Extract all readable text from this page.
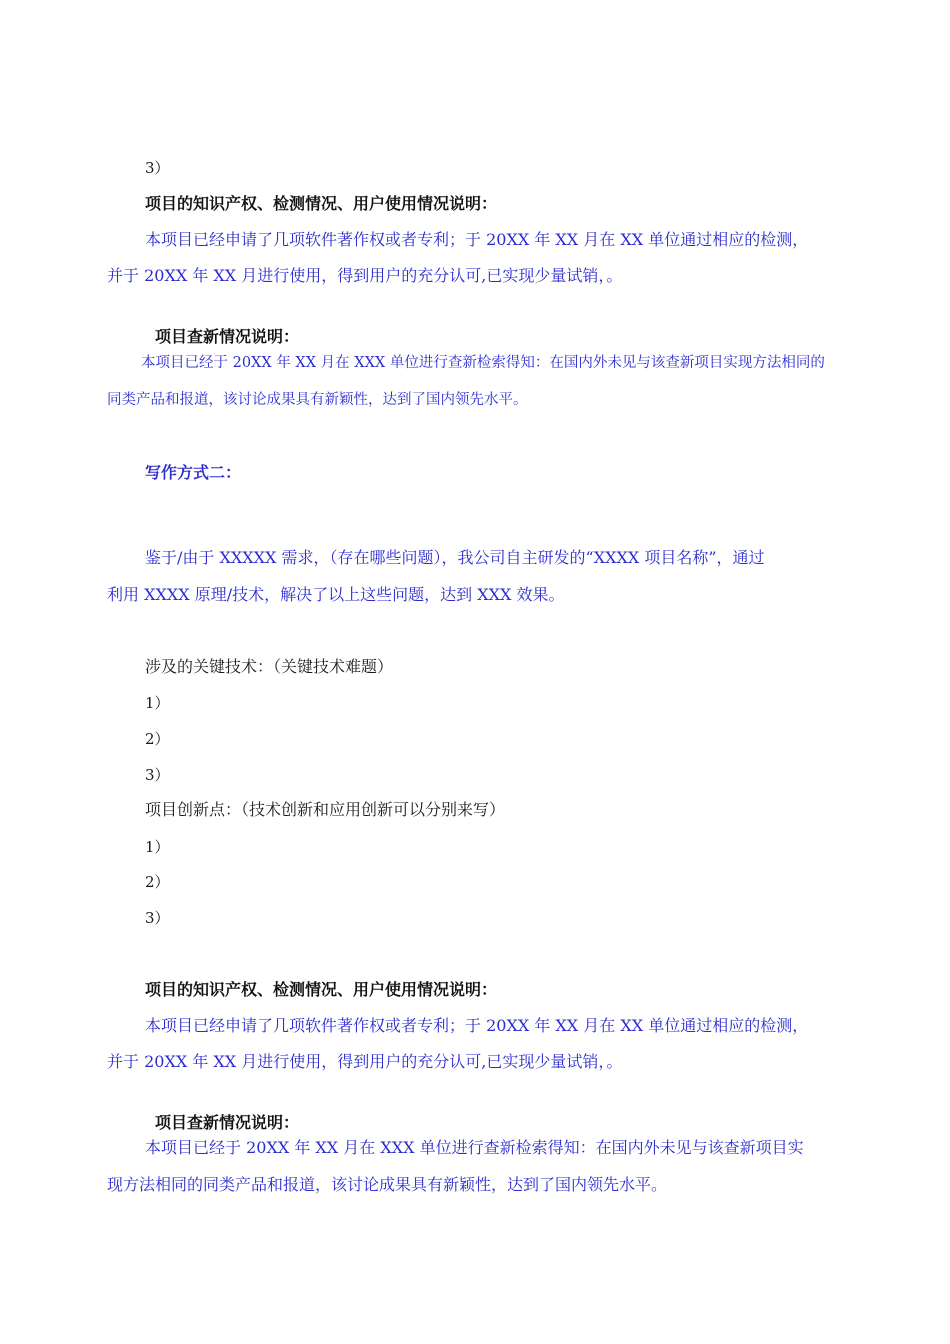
3）
项目的知识产权、检测情况、用户使用情况说明：
本项目已经申请了几项软件著作权或者专利；于 20XX 年 XX 月在 XX 单位通过相应的检测，
并于 20XX 年 XX 月进行使用，得到用户的充分认可,已实现少量试销，。
项目查新情况说明：
本项目已经于 20XX 年 XX 月在 XXX 单位进行查新检索得知：在国内外未见与该查新项目实现方法相同的
同类产品和报道，该讨论成果具有新颖性，达到了国内领先水平。
写作方式二：
鉴于/由于 XXXXX 需求，（存在哪些问题），我公司自主研发的“XXXX 项目名称”，通过
利用 XXXX 原理/技术，解决了以上这些问题，达到 XXX 效果。
涉及的关键技术：（关键技术难题）
1）
2）
3）
项目创新点：（技术创新和应用创新可以分别来写）
1）
2）
3）
项目的知识产权、检测情况、用户使用情况说明：
本项目已经申请了几项软件著作权或者专利；于 20XX 年 XX 月在 XX 单位通过相应的检测，
并于 20XX 年 XX 月进行使用，得到用户的充分认可,已实现少量试销，。
项目查新情况说明：
本项目已经于 20XX 年 XX 月在 XXX 单位进行查新检索得知：在国内外未见与该查新项目实
现方法相同的同类产品和报道，该讨论成果具有新颖性，达到了国内领先水平。
